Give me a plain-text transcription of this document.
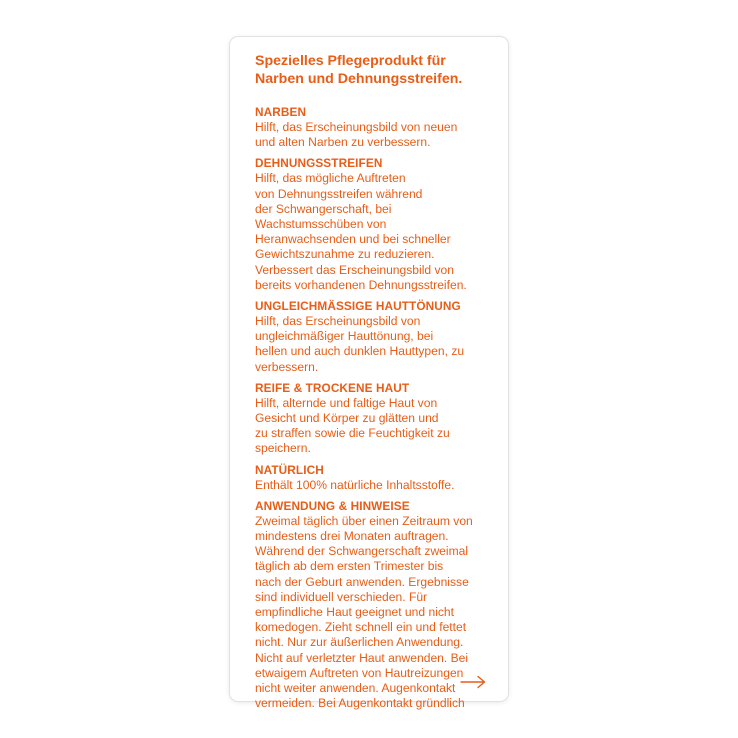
Spezielles Pflegeprodukt für
Narben und Dehnungsstreifen.
NARBEN
Hilft, das Erscheinungsbild von neuen
und alten Narben zu verbessern.
DEHNUNGSSTREIFEN
Hilft, das mögliche Auftreten
von Dehnungsstreifen während
der Schwangerschaft, bei
Wachstumsschüben von
Heranwachsenden und bei schneller
Gewichtszunahme zu reduzieren.
Verbessert das Erscheinungsbild von
bereits vorhandenen Dehnungsstreifen.
UNGLEICHMÄSSIGE HAUTTÖNUNG
Hilft, das Erscheinungsbild von
ungleichmäßiger Hauttönung, bei
hellen und auch dunklen Hauttypen, zu
verbessern.
REIFE & TROCKENE HAUT
Hilft, alternde und faltige Haut von
Gesicht und Körper zu glätten und
zu straffen sowie die Feuchtigkeit zu
speichern.
NATÜRLICH
Enthält 100% natürliche Inhaltsstoffe.
ANWENDUNG & HINWEISE
Zweimal täglich über einen Zeitraum von
mindestens drei Monaten auftragen.
Während der Schwangerschaft zweimal
täglich ab dem ersten Trimester bis
nach der Geburt anwenden. Ergebnisse
sind individuell verschieden. Für
empfindliche Haut geeignet und nicht
komedogen. Zieht schnell ein und fettet
nicht. Nur zur äußerlichen Anwendung.
Nicht auf verletzter Haut anwenden. Bei
etwaigem Auftreten von Hautreizungen
nicht weiter anwenden. Augenkontakt
vermeiden. Bei Augenkontakt gründlich
